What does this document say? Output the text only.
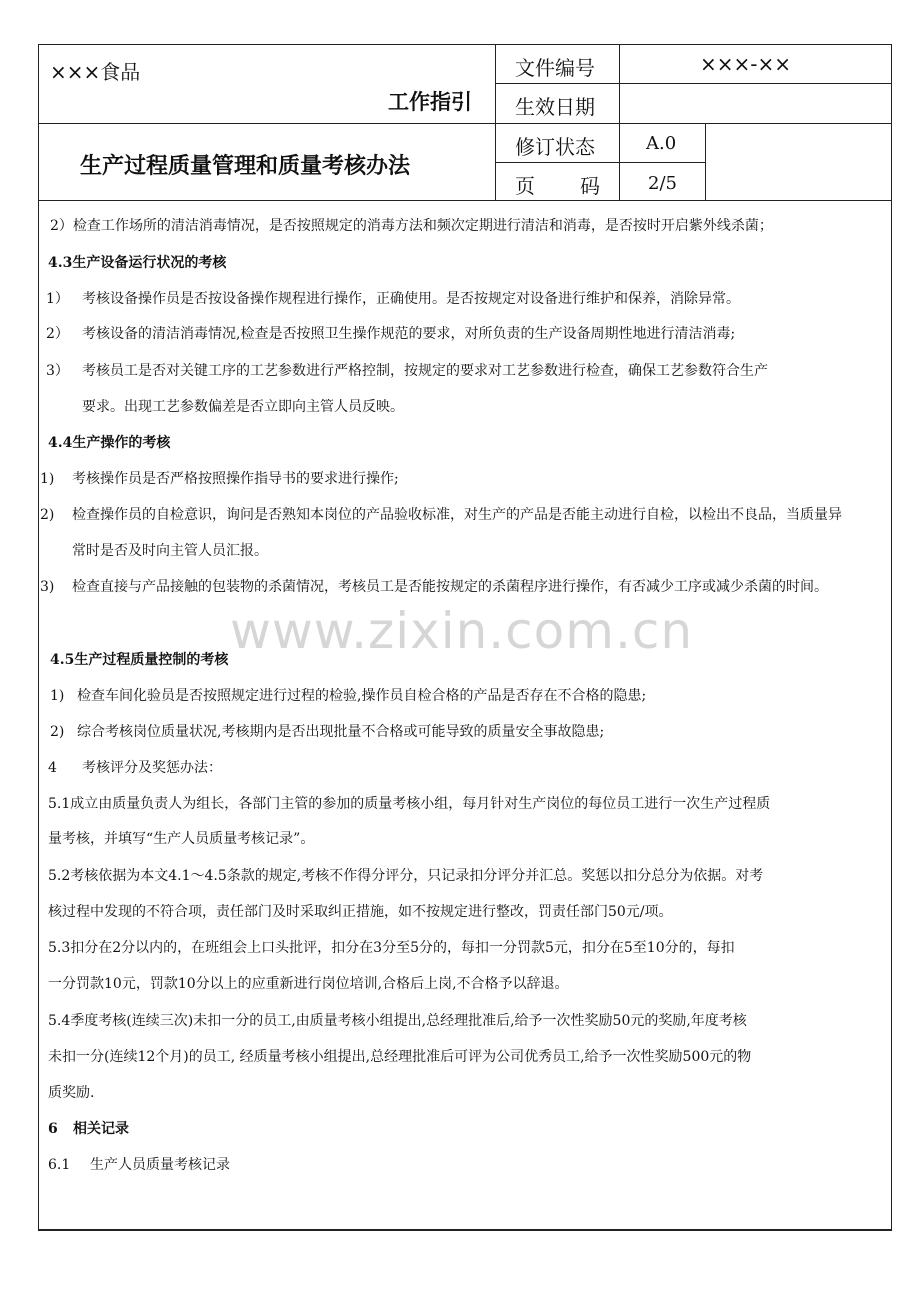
×××食品
工作指引
生产过程质量管理和质量考核办法
文件编号	×××-××
生效日期
修订状态	A.0
页 码	2/5
2）检查工作场所的清洁消毒情况，是否按照规定的消毒方法和频次定期进行清洁和消毒，是否按时开启紫外线杀菌；
4.3生产设备运行状况的考核
1） 考核设备操作员是否按设备操作规程进行操作，正确使用。是否按规定对设备进行维护和保养，消除异常。
2） 考核设备的清洁消毒情况,检查是否按照卫生操作规范的要求，对所负责的生产设备周期性地进行清洁消毒;
3） 考核员工是否对关键工序的工艺参数进行严格控制，按规定的要求对工艺参数进行检查，确保工艺参数符合生产
要求。出现工艺参数偏差是否立即向主管人员反映。
4.4生产操作的考核
1) 考核操作员是否严格按照操作指导书的要求进行操作;
2) 检查操作员的自检意识，询问是否熟知本岗位的产品验收标准，对生产的产品是否能主动进行自检，以检出不良品，当质量异
常时是否及时向主管人员汇报。
3) 检查直接与产品接触的包装物的杀菌情况，考核员工是否能按规定的杀菌程序进行操作，有否减少工序或减少杀菌的时间。
www.zixin.com.cn
4.5生产过程质量控制的考核
1) 检查车间化验员是否按照规定进行过程的检验,操作员自检合格的产品是否存在不合格的隐患;
2) 综合考核岗位质量状况,考核期内是否出现批量不合格或可能导致的质量安全事故隐患;
4 考核评分及奖惩办法：
5.1成立由质量负责人为组长，各部门主管的参加的质量考核小组，每月针对生产岗位的每位员工进行一次生产过程质
量考核，并填写“生产人员质量考核记录”。
5.2考核依据为本文4.1～4.5条款的规定,考核不作得分评分，只记录扣分评分并汇总。奖惩以扣分总分为依据。对考
核过程中发现的不符合项，责任部门及时采取纠正措施，如不按规定进行整改，罚责任部门50元/项。
5.3扣分在2分以内的，在班组会上口头批评，扣分在3分至5分的，每扣一分罚款5元，扣分在5至10分的，每扣
一分罚款10元，罚款10分以上的应重新进行岗位培训,合格后上岗,不合格予以辞退。
5.4季度考核(连续三次)未扣一分的员工,由质量考核小组提出,总经理批准后,给予一次性奖励50元的奖励,年度考核
未扣一分(连续12个月)的员工, 经质量考核小组提出,总经理批准后可评为公司优秀员工,给予一次性奖励500元的物
质奖励.
6 相关记录
6.1 生产人员质量考核记录
